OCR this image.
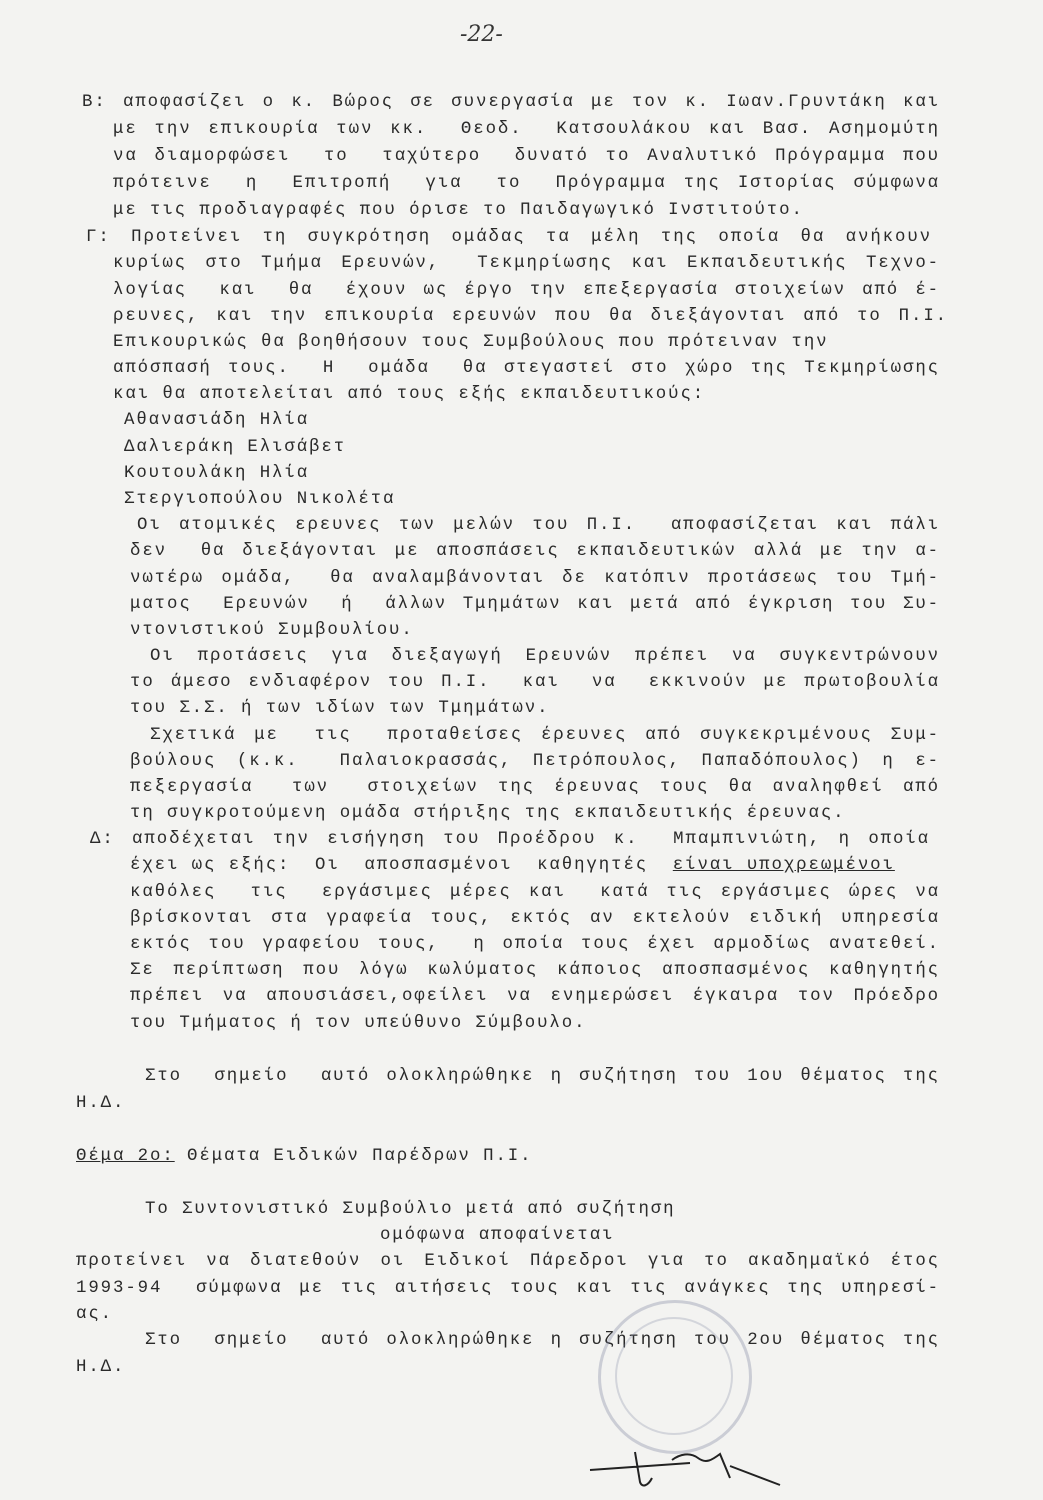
-22-
Β: αποφασίζει ο κ. Βώρος σε συνεργασία με τον κ. Ιωαν.Γρυντάκη και
με την επικουρία των κκ.  Θεοδ.  Κατσουλάκου και Βασ. Ασημομύτη
να διαμορφώσει  το  ταχύτερο  δυνατό το Αναλυτικό Πρόγραμμα που
πρότεινε  η  Επιτροπή  για  το  Πρόγραμμα της Ιστορίας σύμφωνα
με τις προδιαγραφές που όρισε το Παιδαγωγικό Ινστιτούτο.
Γ: Προτείνει τη συγκρότηση ομάδας τα μέλη της οποία θα ανήκουν
κυρίως στο Τμήμα Ερευνών,  Τεκμηρίωσης και Εκπαιδευτικής Τεχνο-
λογίας  και  θα  έχουν ως έργο την επεξεργασία στοιχείων από έ-
ρευνες, και την επικουρία ερευνών που θα διεξάγονται από το Π.Ι.
Επικουρικώς θα βοηθήσουν τους Συμβούλους που πρότειναν την
απόσπασή τους.  Η  ομάδα  θα στεγαστεί στο χώρο της Τεκμηρίωσης
και θα αποτελείται από τους εξής εκπαιδευτικούς:
Αθανασιάδη Ηλία
Δαλιεράκη Ελισάβετ
Κουτουλάκη Ηλία
Στεργιοπούλου Νικολέτα
Οι ατομικές ερευνες των μελών του Π.Ι.  αποφασίζεται και πάλι
δεν  θα διεξάγονται με αποσπάσεις εκπαιδευτικών αλλά με την α-
νωτέρω ομάδα,  θα αναλαμβάνονται δε κατόπιν προτάσεως του Τμή-
ματος  Ερευνών  ή  άλλων Τμημάτων και μετά από έγκριση του Συ-
ντονιστικού Συμβουλίου.
Οι προτάσεις για διεξαγωγή Ερευνών πρέπει να συγκεντρώνουν
το άμεσο ενδιαφέρον του Π.Ι.  και  να  εκκινούν με πρωτοβουλία
του Σ.Σ. ή των ιδίων των Τμημάτων.
Σχετικά με  τις  προταθείσες έρευνες από συγκεκριμένους Συμ-
βούλους (κ.κ.  Παλαιοκρασσάς, Πετρόπουλος, Παπαδόπουλος) η ε-
πεξεργασία  των  στοιχείων της έρευνας τους θα αναληφθεί από
τη συγκροτούμενη ομάδα στήριξης της εκπαιδευτικής έρευνας.
Δ: αποδέχεται την εισήγηση του Προέδρου κ.  Μπαμπινιώτη, η οποία
έχει ως εξής:  Οι  αποσπασμένοι  καθηγητές  είναι υποχρεωμένοι
καθόλες  τις  εργάσιμες μέρες και  κατά τις εργάσιμες ώρες να
βρίσκονται στα γραφεία τους, εκτός αν εκτελούν ειδική υπηρεσία
εκτός του γραφείου τους,  η οποία τους έχει αρμοδίως ανατεθεί.
Σε περίπτωση που λόγω κωλύματος κάποιος αποσπασμένος καθηγητής
πρέπει να απουσιάσει,οφείλει να ενημερώσει έγκαιρα τον Πρόεδρο
του Τμήματος ή τον υπεύθυνο Σύμβουλο.
Στο  σημείο  αυτό ολοκληρώθηκε η συζήτηση του 1ου θέματος της
Η.Δ.
Θέμα 2ο: Θέματα Ειδικών Παρέδρων Π.Ι.
Το Συντονιστικό Συμβούλιο μετά από συζήτηση
ομόφωνα αποφαίνεται
προτείνει να διατεθούν οι Ειδικοί Πάρεδροι για το ακαδημαϊκό έτος
1993-94  σύμφωνα με τις αιτήσεις τους και τις ανάγκες της υπηρεσί-
ας.
Στο  σημείο  αυτό ολοκληρώθηκε η συζήτηση του 2ου θέματος της
Η.Δ.
